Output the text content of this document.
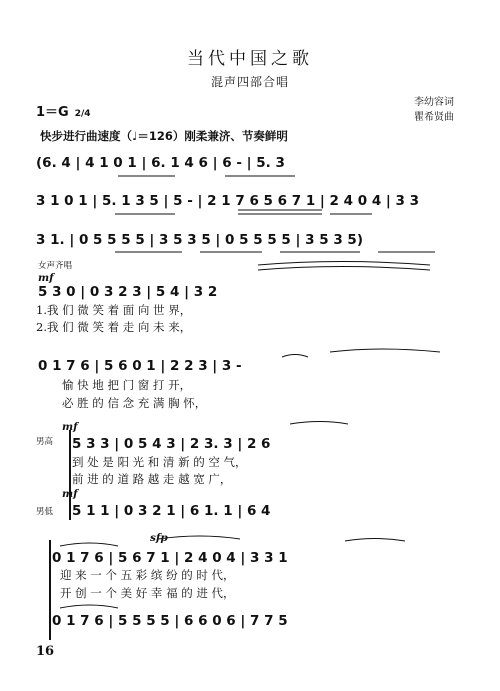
当代中国之歌
混声四部合唱
李幼容词
瞿希贤曲
1＝G 2/4
快步进行曲速度（♩＝126）刚柔兼济、节奏鲜明
(6. 4 | 4 1 0 1 | 6. 1 4 6 | 6 - | 5. 3
3 1 0 1 | 5. 1 3 5 | 5 - | 2 1 7 6 5 6 7 1 | 2 4 0 4 | 3 3
3 1. | 0 5 5 5 5 | 3 5 3 5 | 0 5 5 5 5 | 3 5 3 5)
女声齐唱
mf
5 3 0 | 0 3 2 3 | 5 4 | 3 2
1.我 们 微 笑 着 面 向 世 界，
2.我 们 微 笑 着 走 向 未 来，
0 1 7 6 | 5 6 0 1 | 2 2 3 | 3 -
愉 快 地 把 门 窗 打 开，
必 胜 的 信 念 充 满 胸 怀，
男高
mf
5 3 3 | 0 5 4 3 | 2 3. 3 | 2 6
到 处 是 阳 光 和 清 新 的 空 气，
前 进 的 道 路 越 走 越 宽 广，
mf
男低 5 1 1 | 0 3 2 1 | 6 1. 1 | 6 4
sfp
0 1 7 6 | 5 6 7 1 | 2 4 0 4 | 3 3 1
迎 来 一 个 五 彩 缤 纷 的 时 代，
开 创 一 个 美 好 幸 福 的 进 代，
0 1 7 6 | 5 5 5 5 | 6 6 0 6 | 7 7 5
16
